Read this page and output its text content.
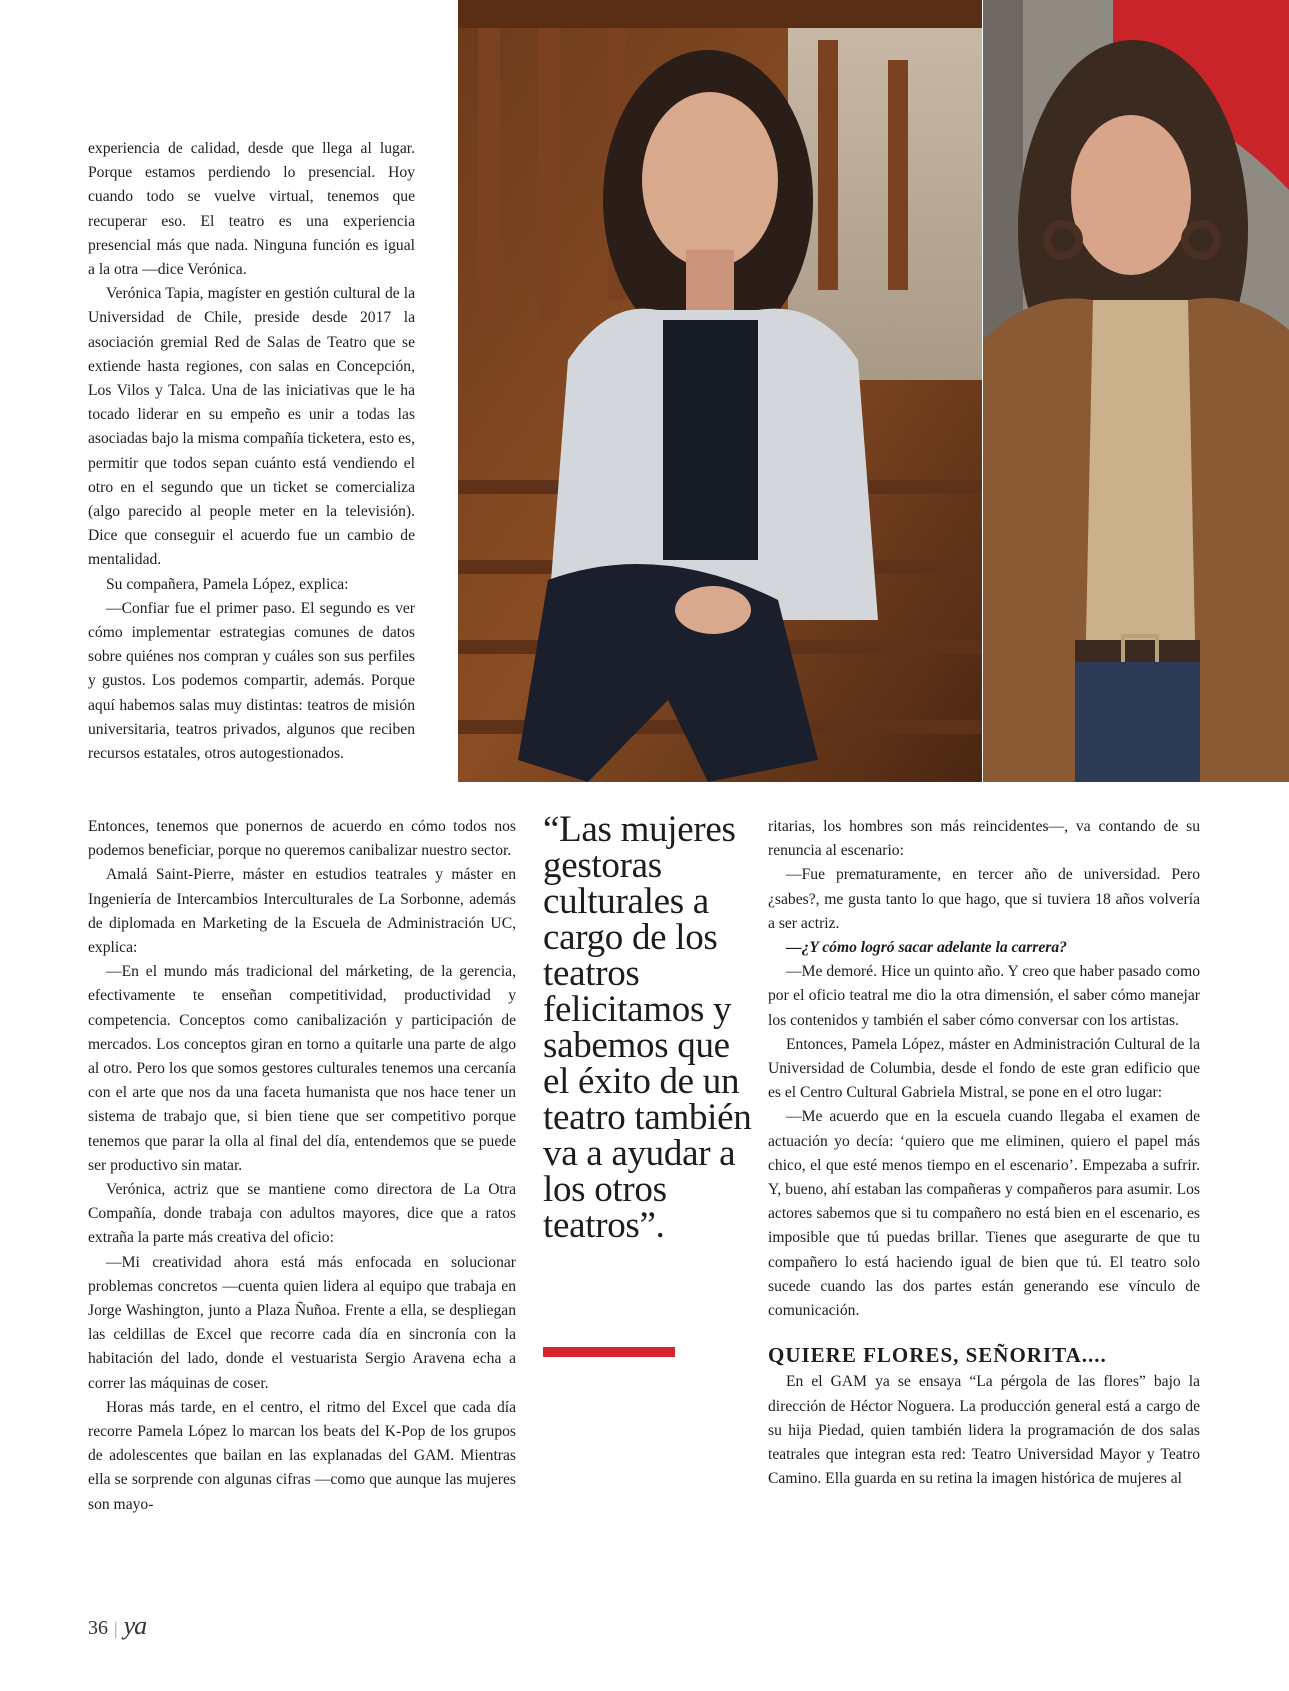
experiencia de calidad, desde que llega al lugar. Porque estamos perdiendo lo presencial. Hoy cuando todo se vuelve virtual, tenemos que recuperar eso. El teatro es una experiencia presencial más que nada. Ninguna función es igual a la otra —dice Verónica.

Verónica Tapia, magíster en gestión cultural de la Universidad de Chile, preside desde 2017 la asociación gremial Red de Salas de Teatro que se extiende hasta regiones, con salas en Concepción, Los Vilos y Talca. Una de las iniciativas que le ha tocado liderar en su empeño es unir a todas las asociadas bajo la misma compañía ticketera, esto es, permitir que todos sepan cuánto está vendiendo el otro en el segundo que un ticket se comercializa (algo parecido al people meter en la televisión). Dice que conseguir el acuerdo fue un cambio de mentalidad.

Su compañera, Pamela López, explica:

—Confiar fue el primer paso. El segundo es ver cómo implementar estrategias comunes de datos sobre quiénes nos compran y cuáles son sus perfiles y gustos. Los podemos compartir, además. Porque aquí habemos salas muy distintas: teatros de misión universitaria, teatros privados, algunos que reciben recursos estatales, otros autogestionados.

Entonces, tenemos que ponernos de acuerdo en cómo todos nos podemos beneficiar, porque no queremos canibalizar nuestro sector.

Amalá Saint-Pierre, máster en estudios teatrales y máster en Ingeniería de Intercambios Interculturales de La Sorbonne, además de diplomada en Marketing de la Escuela de Administración UC, explica:

—En el mundo más tradicional del márketing, de la gerencia, efectivamente te enseñan competitividad, productividad y competencia. Conceptos como canibalización y participación de mercados. Los conceptos giran en torno a quitarle una parte de algo al otro. Pero los que somos gestores culturales tenemos una cercanía con el arte que nos da una faceta humanista que nos hace tener un sistema de trabajo que, si bien tiene que ser competitivo porque tenemos que parar la olla al final del día, entendemos que se puede ser productivo sin matar.

Verónica, actriz que se mantiene como directora de La Otra Compañía, donde trabaja con adultos mayores, dice que a ratos extraña la parte más creativa del oficio:

—Mi creatividad ahora está más enfocada en solucionar problemas concretos —cuenta quien lidera al equipo que trabaja en Jorge Washington, junto a Plaza Ñuñoa. Frente a ella, se despliegan las celdillas de Excel que recorre cada día en sincronía con la habitación del lado, donde el vestuarista Sergio Aravena echa a correr las máquinas de coser.

Horas más tarde, en el centro, el ritmo del Excel que cada día recorre Pamela López lo marcan los beats del K-Pop de los grupos de adolescentes que bailan en las explanadas del GAM. Mientras ella se sorprende con algunas cifras —como que aunque las mujeres son mayo-

“Las mujeres gestoras culturales a cargo de los teatros felicitamos y sabemos que el éxito de un teatro también va a ayudar a los otros teatros”.

ritarias, los hombres son más reincidentes—, va contando de su renuncia al escenario:

—Fue prematuramente, en tercer año de universidad. Pero ¿sabes?, me gusta tanto lo que hago, que si tuviera 18 años volvería a ser actriz.

—¿Y cómo logró sacar adelante la carrera?

—Me demoré. Hice un quinto año. Y creo que haber pasado como por el oficio teatral me dio la otra dimensión, el saber cómo manejar los contenidos y también el saber cómo conversar con los artistas.

Entonces, Pamela López, máster en Administración Cultural de la Universidad de Columbia, desde el fondo de este gran edificio que es el Centro Cultural Gabriela Mistral, se pone en el otro lugar:

—Me acuerdo que en la escuela cuando llegaba el examen de actuación yo decía: ‘quiero que me eliminen, quiero el papel más chico, el que esté menos tiempo en el escenario’. Empezaba a sufrir. Y, bueno, ahí estaban las compañeras y compañeros para asumir. Los actores sabemos que si tu compañero no está bien en el escenario, es imposible que tú puedas brillar. Tienes que asegurarte de que tu compañero lo está haciendo igual de bien que tú. El teatro solo sucede cuando las dos partes están generando ese vínculo de comunicación.

QUIERE FLORES, SEÑORITA....

En el GAM ya se ensaya “La pérgola de las flores” bajo la dirección de Héctor Noguera. La producción general está a cargo de su hija Piedad, quien también lidera la programación de dos salas teatrales que integran esta red: Teatro Universidad Mayor y Teatro Camino. Ella guarda en su retina la imagen histórica de mujeres al

36 | ya
